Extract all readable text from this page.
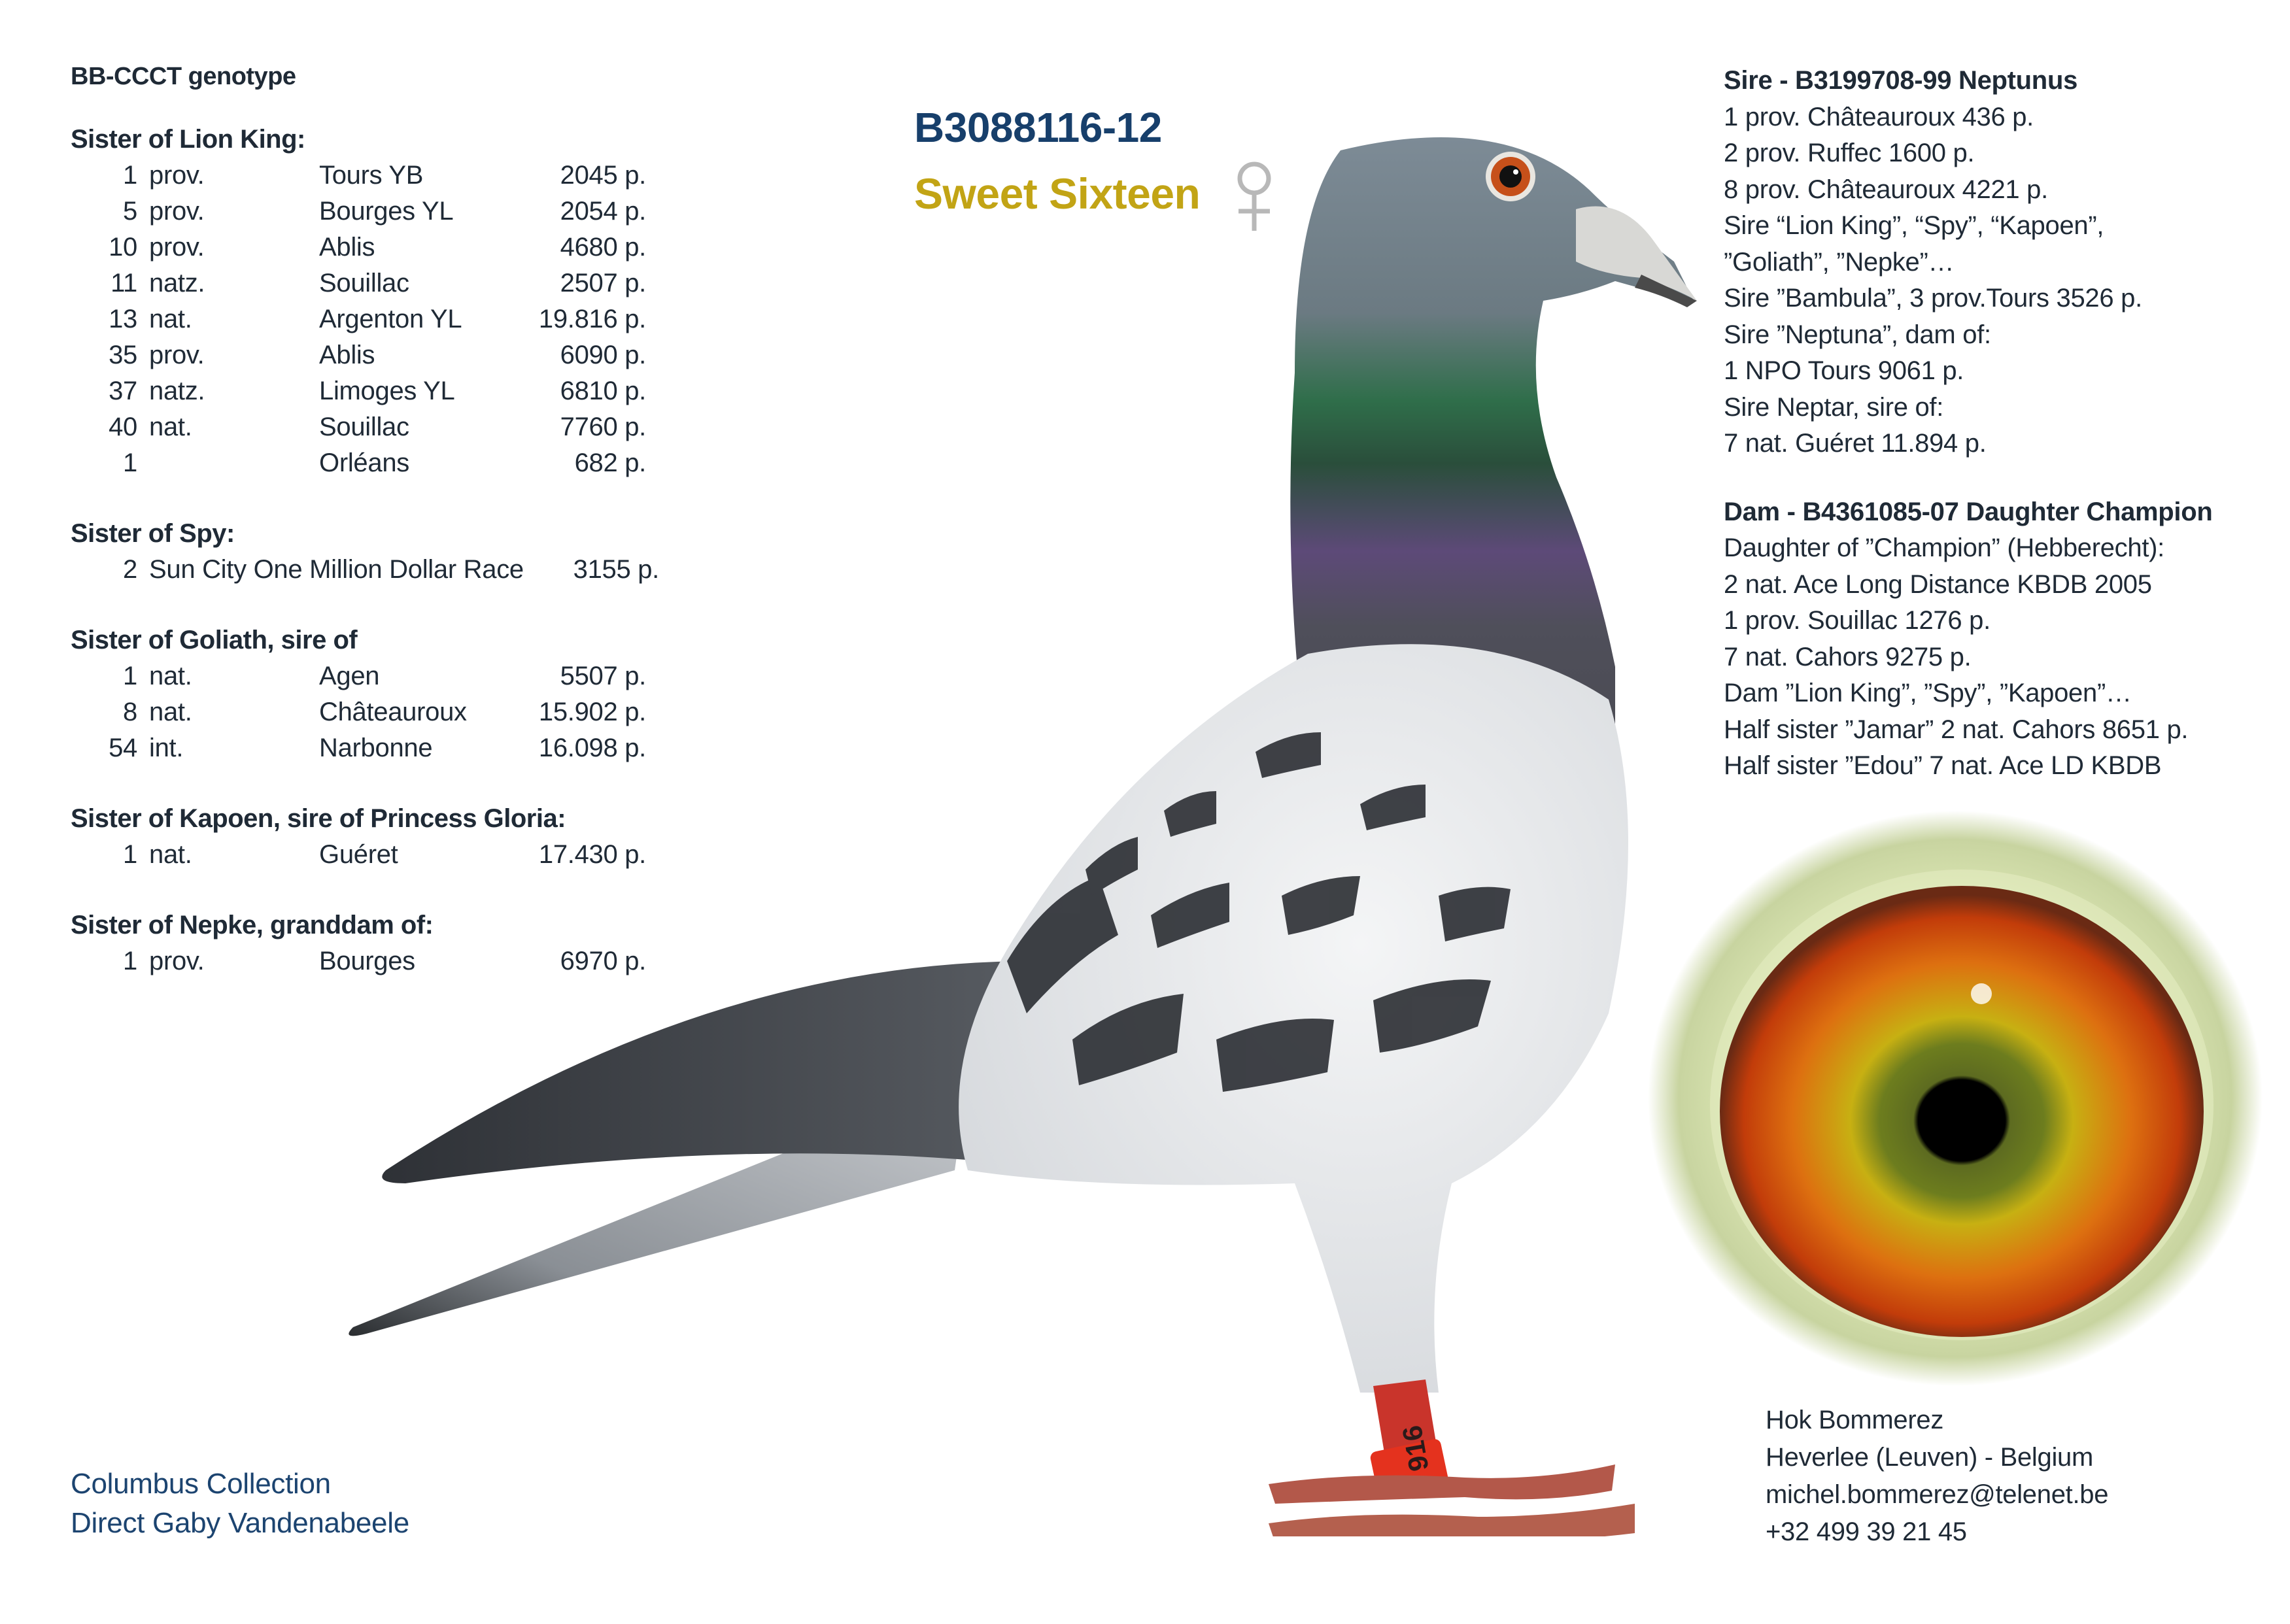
916
BB-CCCT genotype
Sister of Lion King:
1 prov.	Tours YB	2045 p.
5 prov.	Bourges YL	2054 p.
10 prov.	Ablis	4680 p.
11 natz.	Souillac	2507 p.
13 nat.	Argenton YL	19.816 p.
35 prov.	Ablis	6090 p.
37 natz.	Limoges YL	6810 p.
40 nat.	Souillac	7760 p.
1	Orléans	682 p.
Sister of Spy:
2 Sun City One Million Dollar Race	3155 p.
Sister of Goliath, sire of
1 nat.	Agen	5507 p.
8 nat.	Châteauroux	15.902 p.
54 int.	Narbonne	16.098 p.
Sister of Kapoen, sire of Princess Gloria:
1 nat.	Guéret	17.430 p.
Sister of Nepke, granddam of:
1 prov.	Bourges	6970 p.
Columbus Collection
Direct Gaby Vandenabeele
B3088116-12
Sweet Sixteen
Sire - B3199708-99 Neptunus
1 prov. Châteauroux 436 p.
2 prov. Ruffec 1600 p.
8 prov. Châteauroux 4221 p.
Sire “Lion King”, “Spy”, “Kapoen”,
”Goliath”, ”Nepke”…
Sire ”Bambula”, 3 prov.Tours 3526 p.
Sire ”Neptuna”, dam of:
1 NPO Tours 9061 p.
Sire Neptar, sire of:
7 nat. Guéret 11.894 p.
Dam - B4361085-07 Daughter Champion
Daughter of ”Champion” (Hebberecht):
2 nat. Ace Long Distance KBDB 2005
1 prov. Souillac 1276 p.
7 nat. Cahors 9275 p.
Dam ”Lion King”, ”Spy”, ”Kapoen”…
Half sister ”Jamar” 2 nat. Cahors 8651 p.
Half sister ”Edou” 7 nat. Ace LD KBDB
Hok Bommerez
Heverlee (Leuven) - Belgium
michel.bommerez@telenet.be
+32 499 39 21 45
